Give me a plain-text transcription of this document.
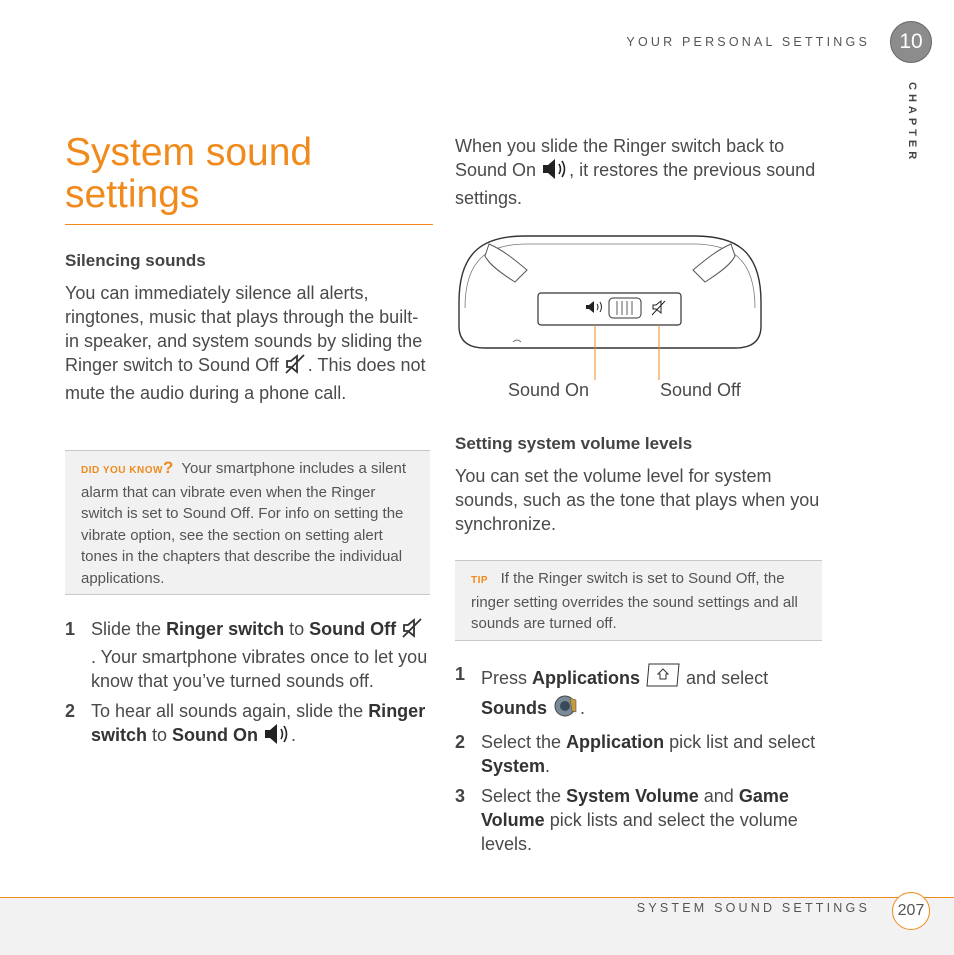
YOUR PERSONAL SETTINGS	10
CHAPTER
System sound
settings
Silencing sounds
You can immediately silence all alerts, ringtones, music that plays through the built-in speaker, and system sounds by sliding the Ringer switch to Sound Off . This does not mute the audio during a phone call.
DID YOU KNOW? Your smartphone includes a silent alarm that can vibrate even when the Ringer switch is set to Sound Off. For info on setting the vibrate option, see the section on setting alert tones in the chapters that describe the individual applications.
1 Slide the Ringer switch to Sound Off . Your smartphone vibrates once to let you know that you’ve turned sounds off.
2 To hear all sounds again, slide the Ringer switch to Sound On .
When you slide the Ringer switch back to Sound On , it restores the previous sound settings.
Sound On	Sound Off
Setting system volume levels
You can set the volume level for system sounds, such as the tone that plays when you synchronize.
TIP If the Ringer switch is set to Sound Off, the ringer setting overrides the sound settings and all sounds are turned off.
1 Press Applications  and select Sounds .
2 Select the Application pick list and select System.
3 Select the System Volume and Game Volume pick lists and select the volume levels.
SYSTEM SOUND SETTINGS	207
